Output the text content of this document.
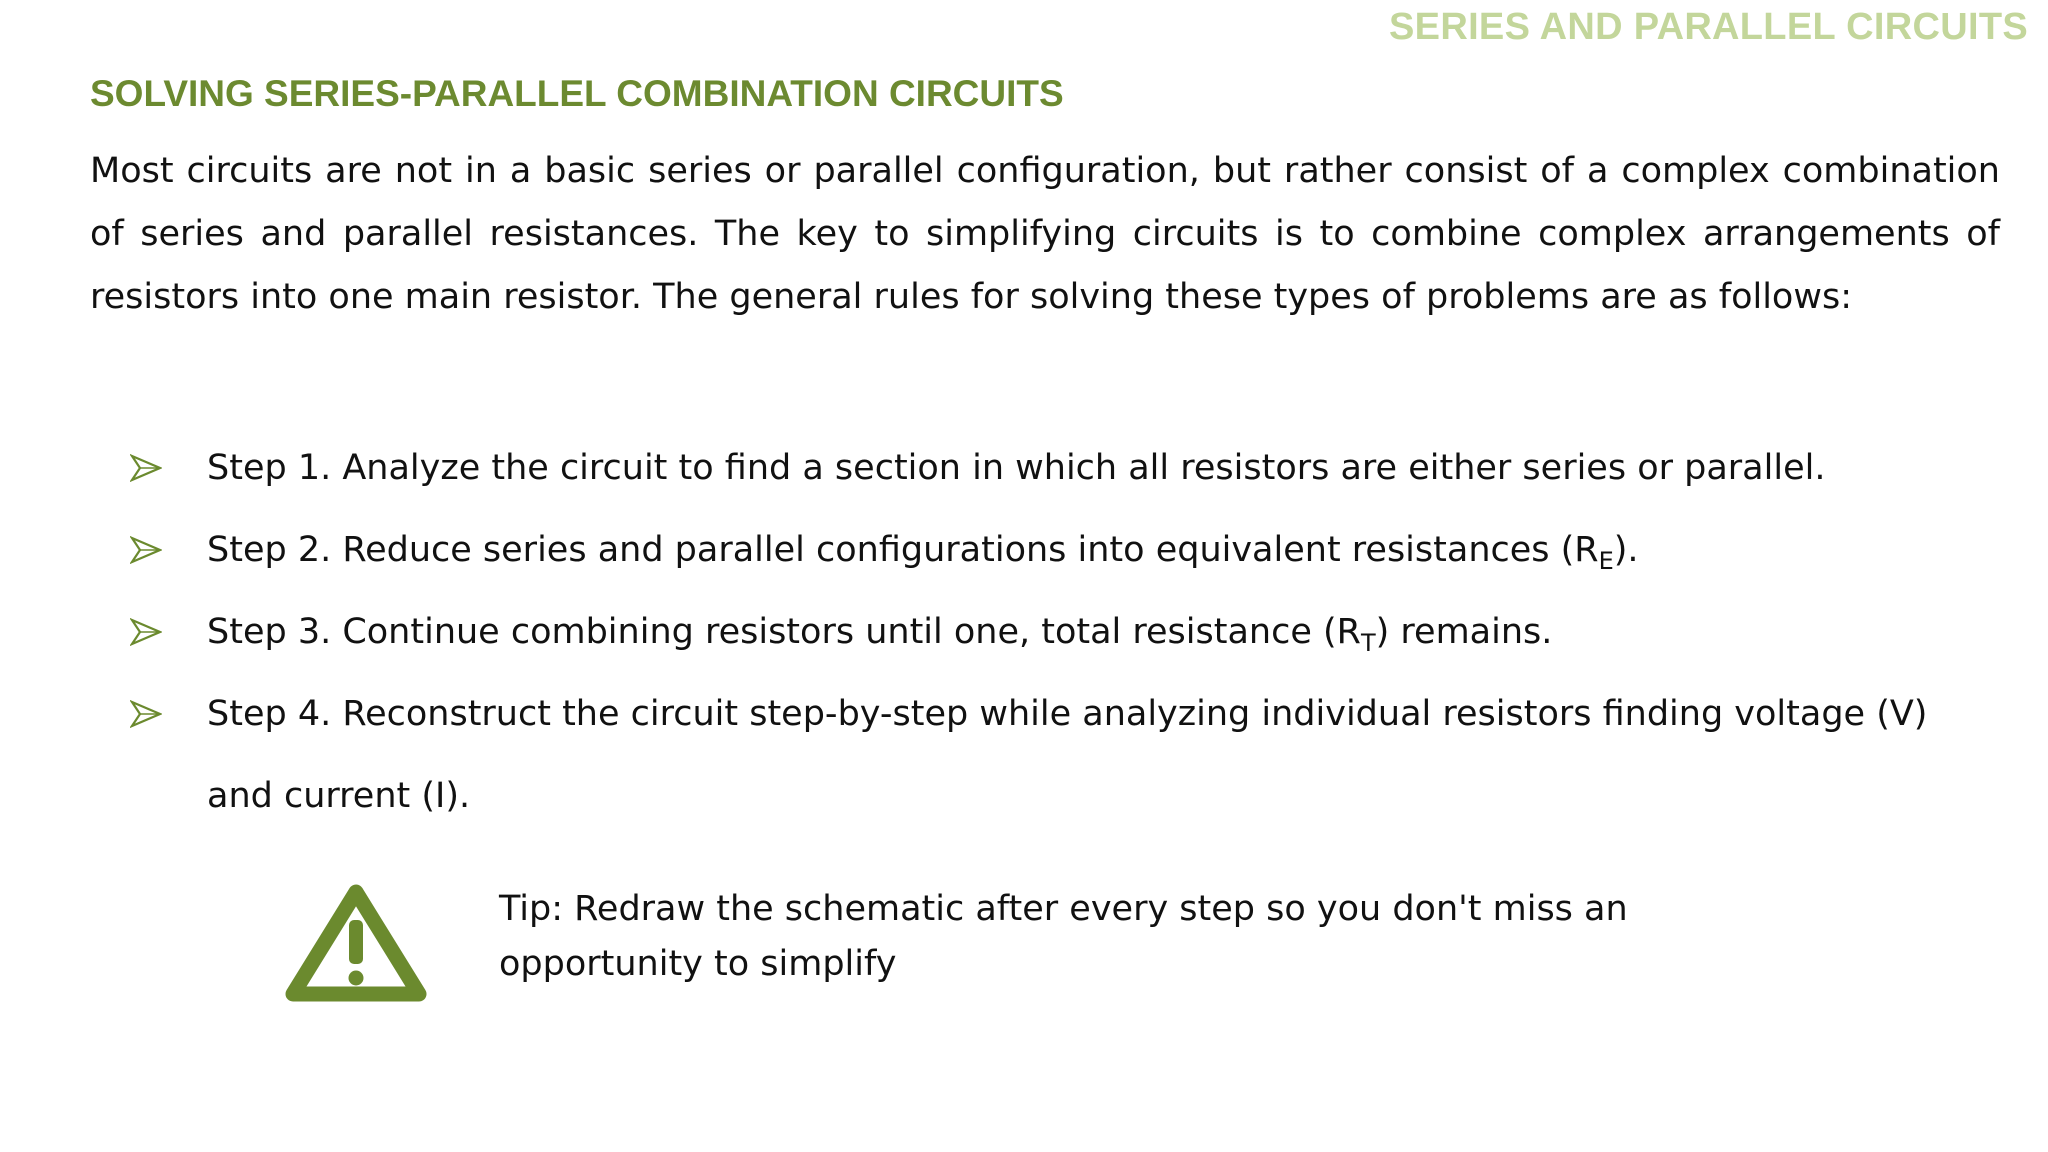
SERIES AND PARALLEL CIRCUITS
SOLVING SERIES-PARALLEL COMBINATION CIRCUITS

Most circuits are not in a basic series or parallel configuration, but rather consist of a complex combination of series and parallel resistances. The key to simplifying circuits is to combine complex arrangements of resistors into one main resistor. The general rules for solving these types of problems are as follows:

Step 1. Analyze the circuit to find a section in which all resistors are either series or parallel.
Step 2. Reduce series and parallel configurations into equivalent resistances $(R_E)$.
Step 3. Continue combining resistors until one, total resistance $(R_T)$ remains.
Step 4. Reconstruct the circuit step-by-step while analyzing individual resistors finding voltage (V) and current (I).

Tip: Redraw the schematic after every step so you don't miss an opportunity to simplify
